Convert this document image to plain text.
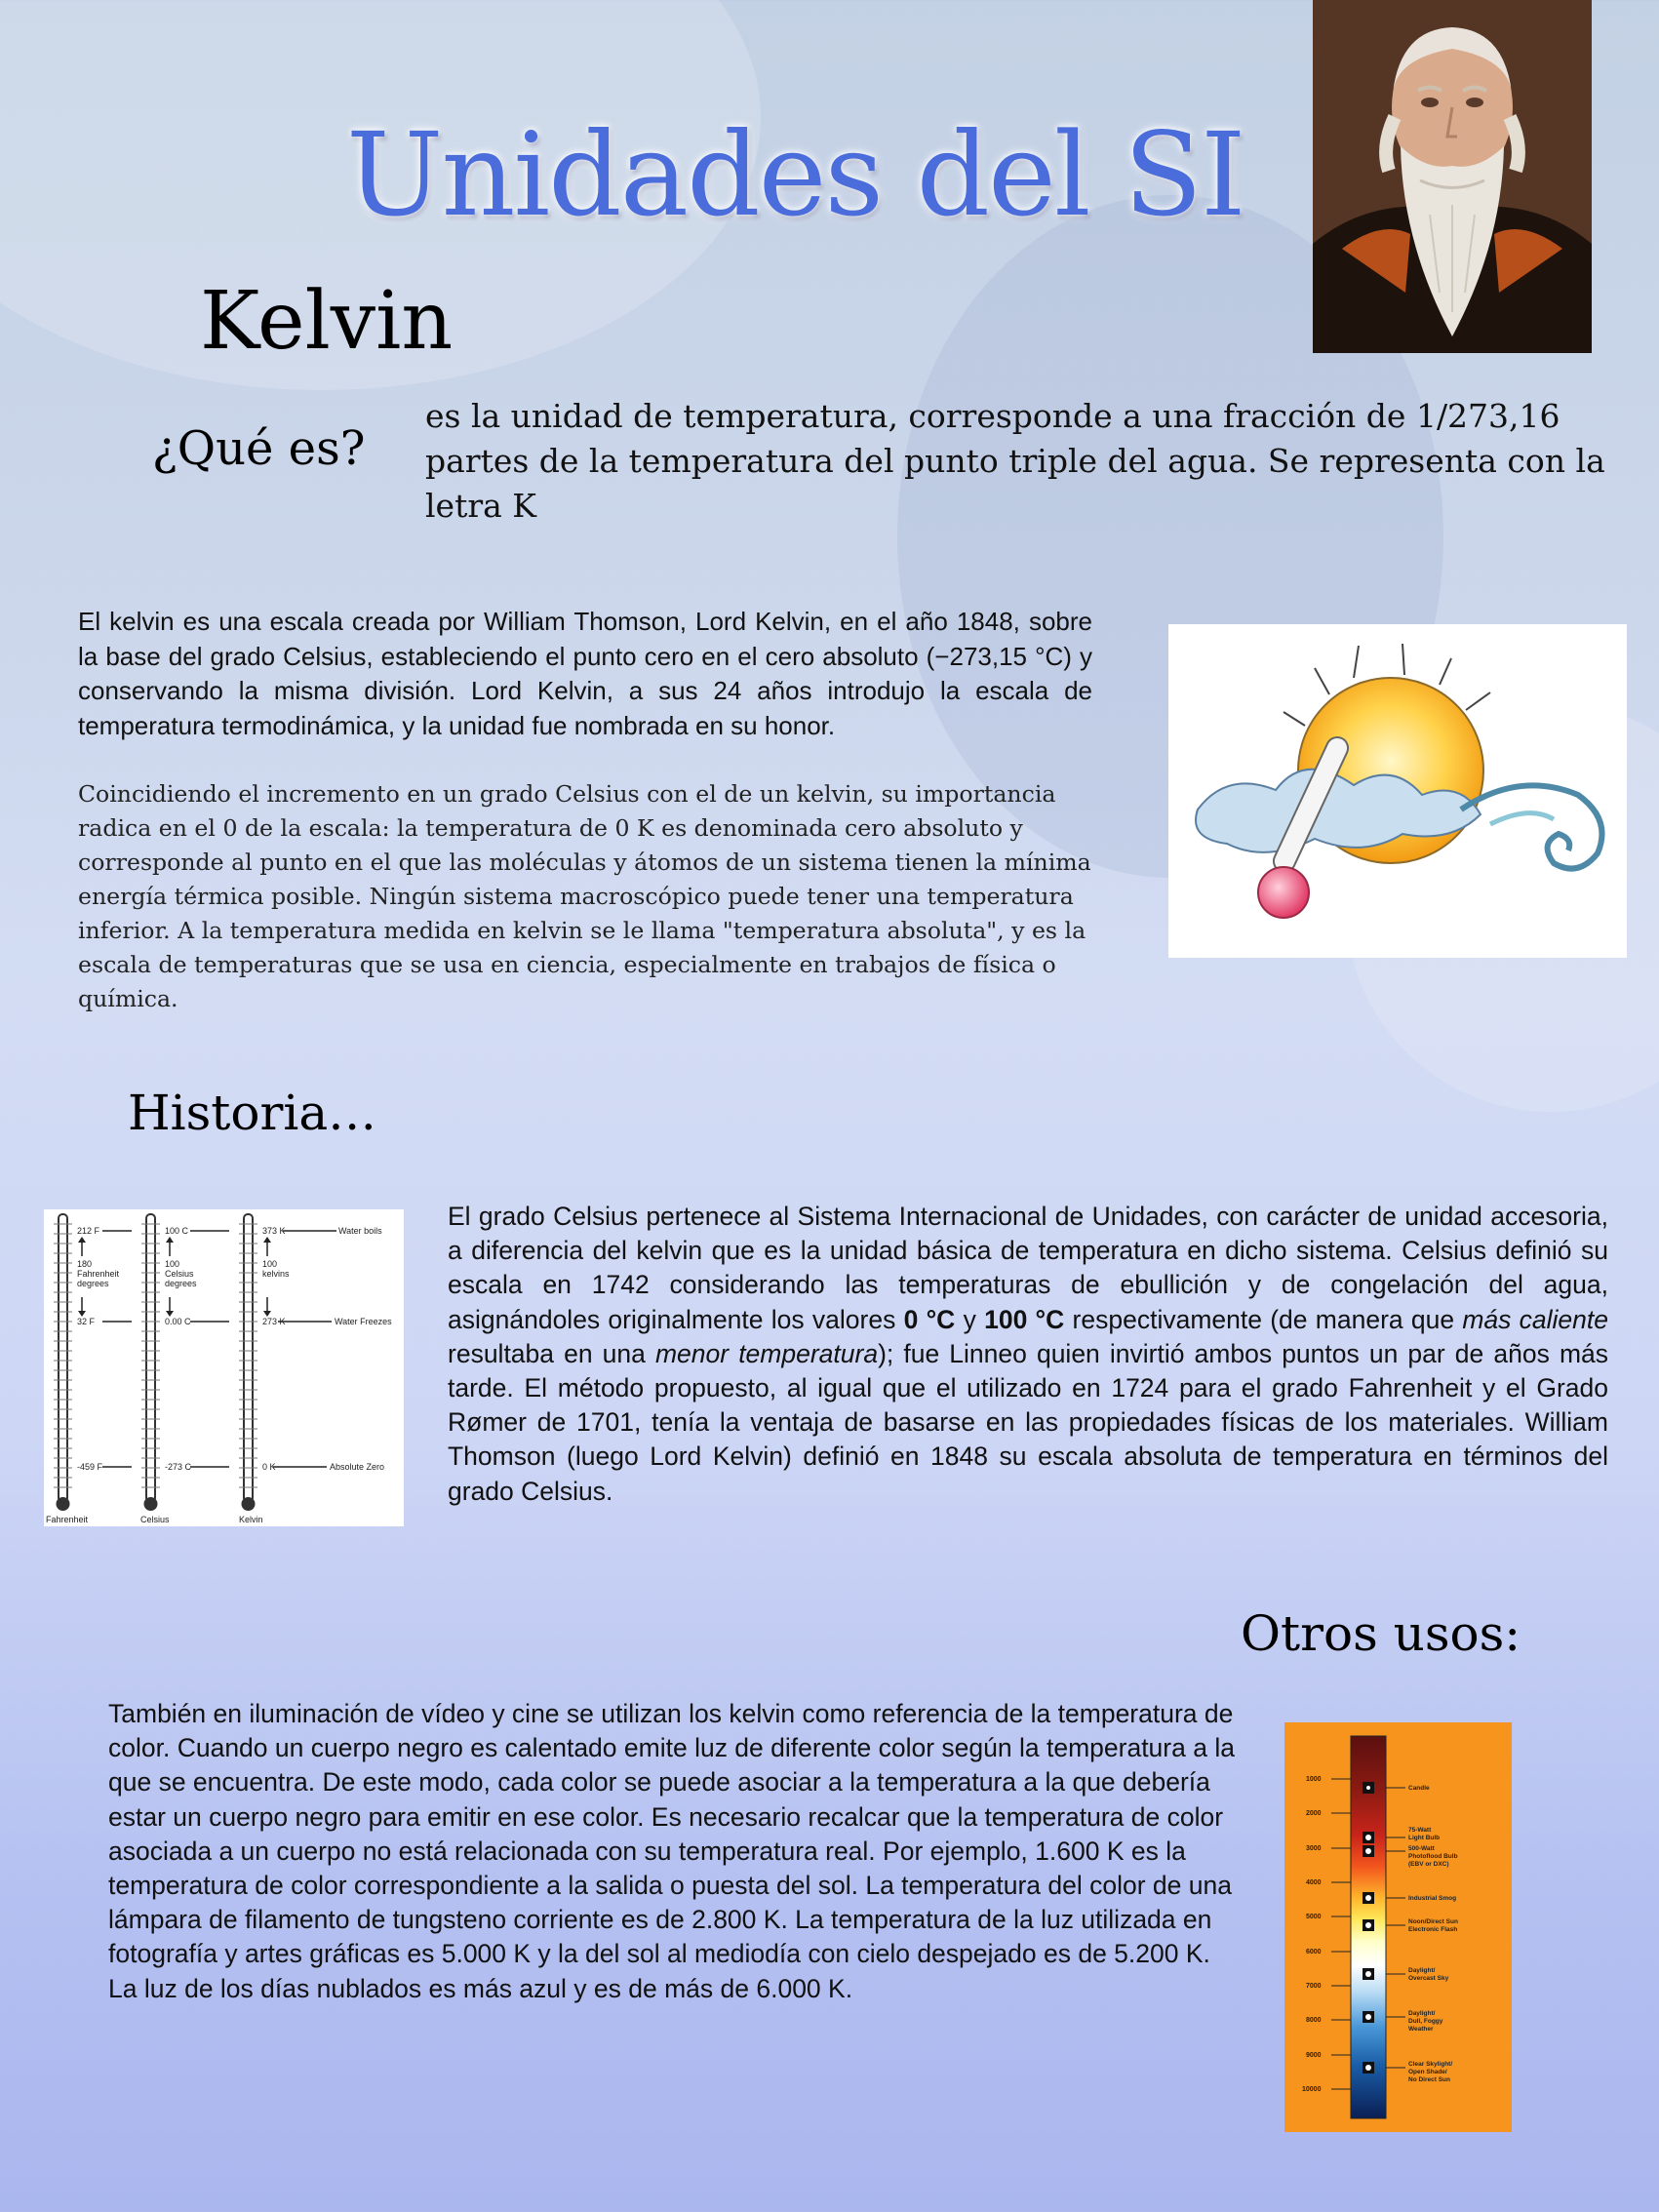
Unidades del SI
Kelvin
¿Qué es?

es la unidad de temperatura, corresponde a una fracción de 1/273,16 partes de la temperatura del punto triple del agua. Se representa con la letra K

El kelvin es una escala creada por William Thomson, Lord Kelvin, en el año 1848, sobre la base del grado Celsius, estableciendo el punto cero en el cero absoluto (−273,15 °C) y conservando la misma división. Lord Kelvin, a sus 24 años introdujo la escala de temperatura termodinámica, y la unidad fue nombrada en su honor.

Coincidiendo el incremento en un grado Celsius con el de un kelvin, su importancia radica en el 0 de la escala: la temperatura de 0 K es denominada cero absoluto y corresponde al punto en el que las moléculas y átomos de un sistema tienen la mínima energía térmica posible. Ningún sistema macroscópico puede tener una temperatura inferior. A la temperatura medida en kelvin se le llama "temperatura absoluta", y es la escala de temperaturas que se usa en ciencia, especialmente en trabajos de física o química.

Historia…
212 F
180
Fahrenheit
degrees
32 F
-459 F
100 C
100
Celsius
degrees
0.00 C
-273 C
373 K
100
kelvins
273 K
0 K
Water boils
Water Freezes
Absolute Zero
Fahrenheit	Celsius	Kelvin

El grado Celsius pertenece al Sistema Internacional de Unidades, con carácter de unidad accesoria, a diferencia del kelvin que es la unidad básica de temperatura en dicho sistema. Celsius definió su escala en 1742 considerando las temperaturas de ebullición y de congelación del agua, asignándoles originalmente los valores 0 °C y 100 °C respectivamente (de manera que más caliente resultaba en una menor temperatura); fue Linneo quien invirtió ambos puntos un par de años más tarde. El método propuesto, al igual que el utilizado en 1724 para el grado Fahrenheit y el Grado Rømer de 1701, tenía la ventaja de basarse en las propiedades físicas de los materiales. William Thomson (luego Lord Kelvin) definió en 1848 su escala absoluta de temperatura en términos del grado Celsius.

Otros usos:

También en iluminación de vídeo y cine se utilizan los kelvin como referencia de la temperatura de color. Cuando un cuerpo negro es calentado emite luz de diferente color según la temperatura a la que se encuentra. De este modo, cada color se puede asociar a la temperatura a la que debería estar un cuerpo negro para emitir en ese color. Es necesario recalcar que la temperatura de color asociada a un cuerpo no está relacionada con su temperatura real. Por ejemplo, 1.600 K es la temperatura de color correspondiente a la salida o puesta del sol. La temperatura del color de una lámpara de filamento de tungsteno corriente es de 2.800 K. La temperatura de la luz utilizada en fotografía y artes gráficas es 5.000 K y la del sol al mediodía con cielo despejado es de 5.200 K. La luz de los días nublados es más azul y es de más de 6.000 K.

1000
2000
3000
4000
5000
6000
7000
8000
9000
10000
Candle
75-Watt
Light Bulb
500-Watt
Photoflood Bulb
(EBV or DXC)
Industrial Smog
Noon/Direct Sun
Electronic Flash
Daylight/
Overcast Sky
Daylight/
Dull, Foggy
Weather
Clear Skylight/
Open Shade/
No Direct Sun
